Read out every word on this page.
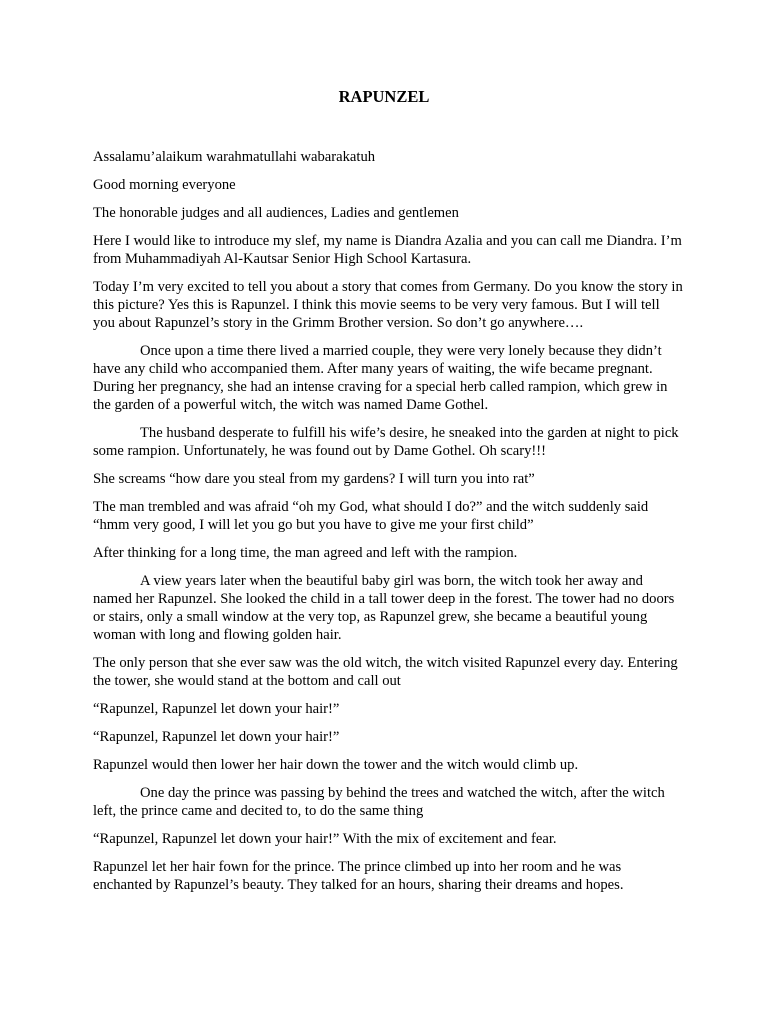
RAPUNZEL

Assalamu’alaikum warahmatullahi wabarakatuh

Good morning everyone

The honorable judges and all audiences, Ladies and gentlemen

Here I would like to introduce my slef, my name is Diandra Azalia and you can call me Diandra. I’m from Muhammadiyah Al-Kautsar Senior High School Kartasura.

Today I’m very excited to tell you about a story that comes from Germany. Do you know the story in this picture? Yes this is Rapunzel. I think this movie seems to be very very famous. But I will tell you about Rapunzel’s story in the Grimm Brother version. So don’t go anywhere….

Once upon a time there lived a married couple, they were very lonely because they didn’t have any child who accompanied them. After many years of waiting, the wife became pregnant. During her pregnancy, she had an intense craving for a special herb called rampion, which grew in the garden of a powerful witch, the witch was named Dame Gothel.

The husband desperate to fulfill his wife’s desire, he sneaked into the garden at night to pick some rampion. Unfortunately, he was found out by Dame Gothel. Oh scary!!!

She screams “how dare you steal from my gardens? I will turn you into rat”

The man trembled and was afraid “oh my God, what should I do?” and the witch suddenly said “hmm very good, I will let you go but you have to give me your first child”

After thinking for a long time, the man agreed and left with the rampion.

A view years later when the beautiful baby girl was born, the witch took her away and named her Rapunzel. She looked the child in a tall tower deep in the forest. The tower had no doors or stairs, only a small window at the very top, as Rapunzel grew, she became a beautiful young woman with long and flowing golden hair.

The only person that she ever saw was the old witch, the witch visited Rapunzel every day. Entering the tower, she would stand at the bottom and call out

“Rapunzel, Rapunzel let down your hair!”

“Rapunzel, Rapunzel let down your hair!”

Rapunzel would then lower her hair down the tower and the witch would climb up.

One day the prince was passing by behind the trees and watched the witch, after the witch left, the prince came and decited to, to do the same thing

“Rapunzel, Rapunzel let down your hair!” With the mix of excitement and fear.

Rapunzel let her hair fown for the prince. The prince climbed up into her room and he was enchanted by Rapunzel’s beauty. They talked for an hours, sharing their dreams and hopes.
